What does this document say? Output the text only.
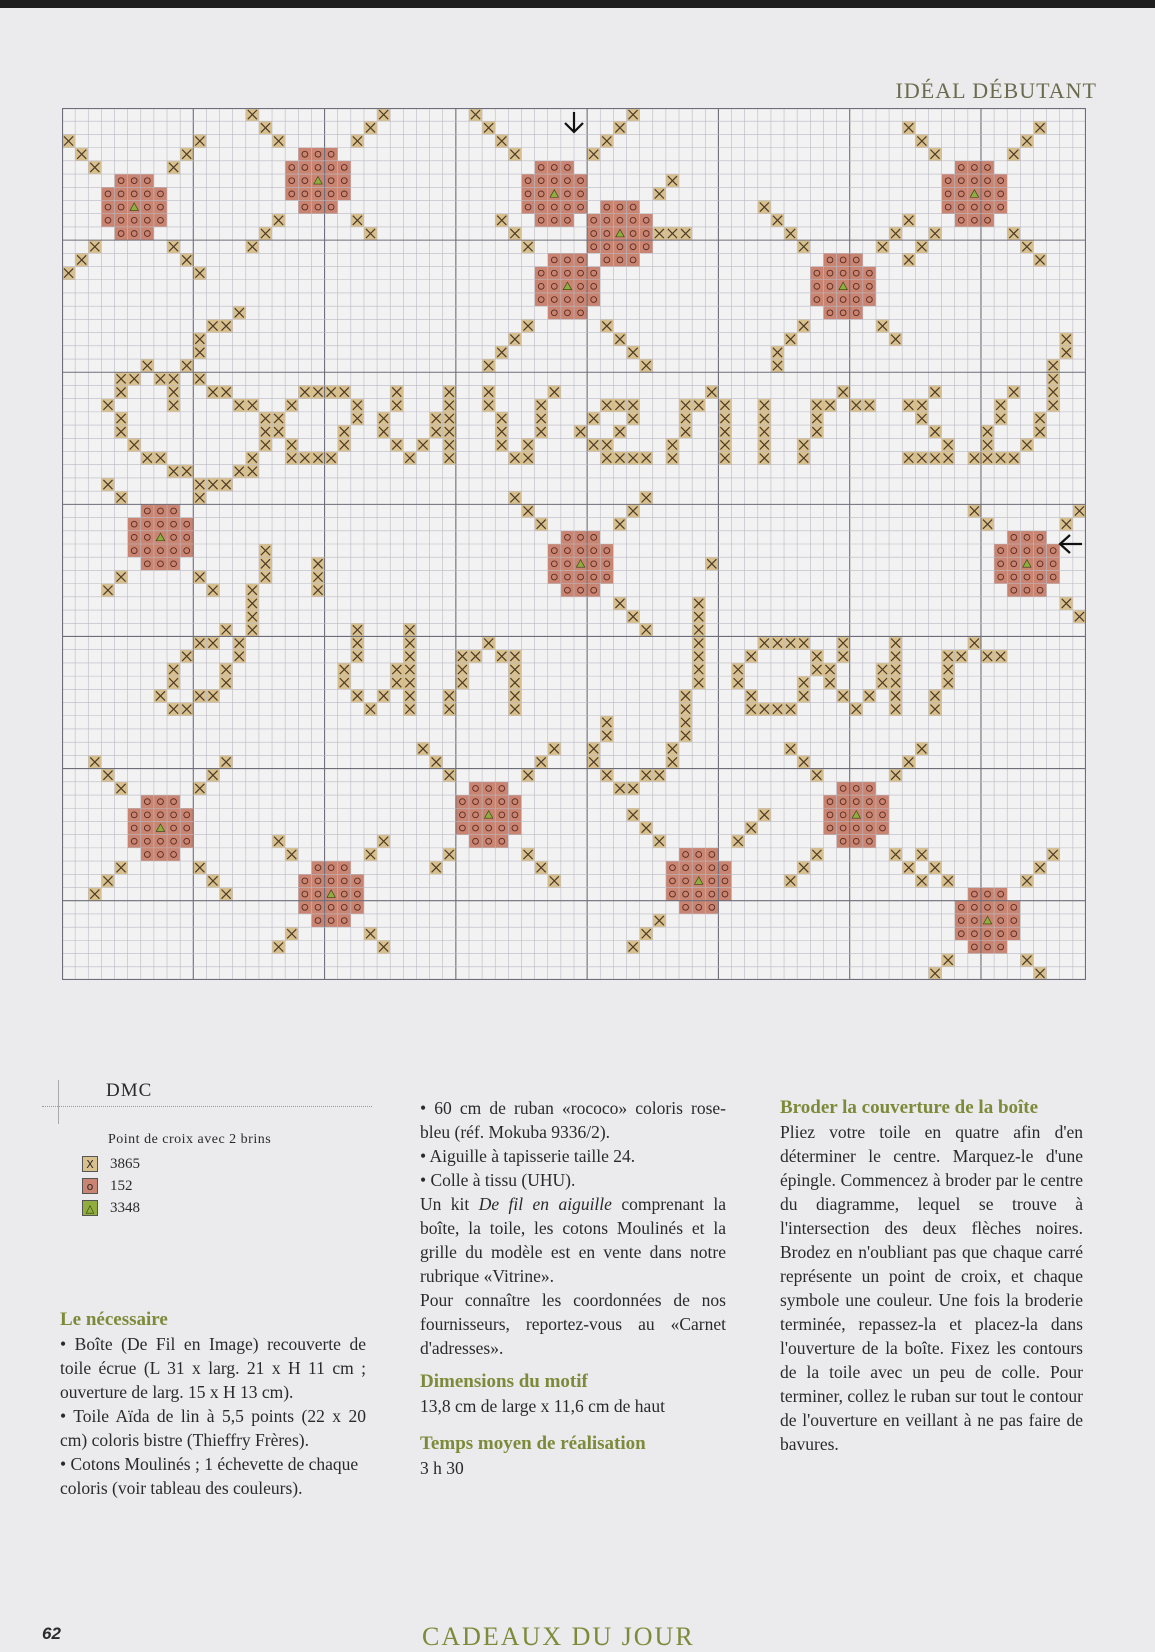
IDÉAL DÉBUTANT
DMC
Point de croix avec 2 brins
X 3865
o	152
△ 3348
Le nécessaire

• Boîte (De Fil en Image) recouverte de toile écrue (L 31 x larg. 21 x H 11 cm ; ouverture de larg. 15 x H 13 cm).

• Toile Aïda de lin à 5,5 points (22 x 20 cm) coloris bistre (Thieffry Frères).

• Cotons Moulinés ; 1 échevette de chaque coloris (voir tableau des couleurs).

• 60 cm de ruban «rococo» coloris rose-bleu (réf. Mokuba 9336/2).

• Aiguille à tapisserie taille 24.

• Colle à tissu (UHU).

Un kit De fil en aiguille comprenant la boîte, la toile, les cotons Moulinés et la grille du modèle est en vente dans notre rubrique «Vitrine».

Pour connaître les coordonnées de nos fournisseurs, reportez-vous au «Carnet d'adresses».

Dimensions du motif
13,8 cm de large x 11,6 cm de haut
Temps moyen de réalisation
3 h 30
Broder la couverture de la boîte

Pliez votre toile en quatre afin d'en déterminer le centre. Marquez-le d'une épingle. Commencez à broder par le centre du diagramme, lequel se trouve à l'intersection des deux flèches noires. Brodez en n'oubliant pas que chaque carré représente un point de croix, et chaque symbole une couleur. Une fois la broderie terminée, repassez-la et placez-la dans l'ouverture de la boîte. Fixez les contours de la toile avec un peu de colle. Pour terminer, collez le ruban sur tout le contour de l'ouverture en veillant à ne pas faire de bavures.

62	CADEAUX DU JOUR
